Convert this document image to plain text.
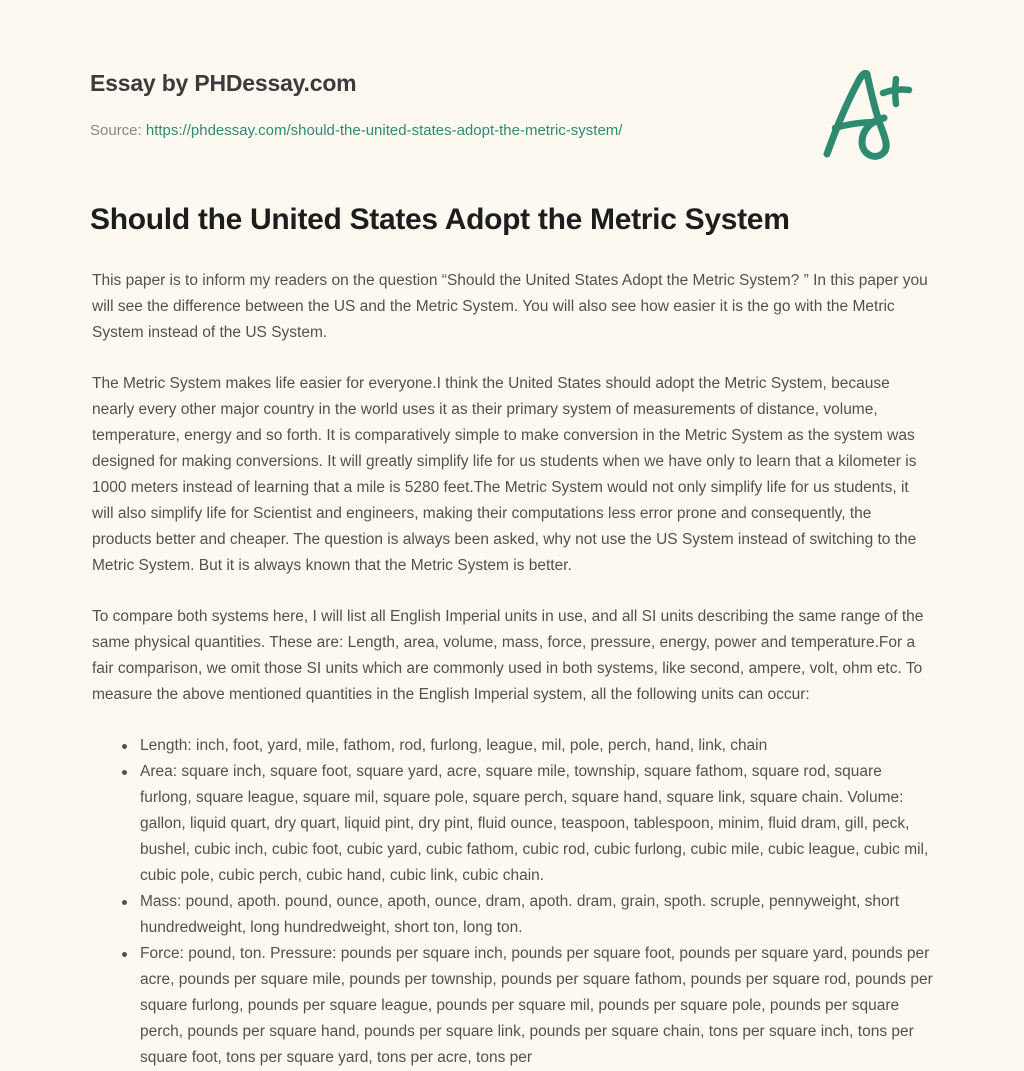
Essay by PHDessay.com
Source: https://phdessay.com/should-the-united-states-adopt-the-metric-system/
Should the United States Adopt the Metric System

This paper is to inform my readers on the question “Should the United States Adopt the Metric System? ” In this paper you will see the difference between the US and the Metric System. You will also see how easier it is the go with the Metric System instead of the US System.

The Metric System makes life easier for everyone.I think the United States should adopt the Metric System, because nearly every other major country in the world uses it as their primary system of measurements of distance, volume, temperature, energy and so forth. It is comparatively simple to make conversion in the Metric System as the system was designed for making conversions. It will greatly simplify life for us students when we have only to learn that a kilometer is 1000 meters instead of learning that a mile is 5280 feet.The Metric System would not only simplify life for us students, it will also simplify life for Scientist and engineers, making their computations less error prone and consequently, the products better and cheaper. The question is always been asked, why not use the US System instead of switching to the Metric System. But it is always known that the Metric System is better.

To compare both systems here, I will list all English Imperial units in use, and all SI units describing the same range of the same physical quantities. These are: Length, area, volume, mass, force, pressure, energy, power and temperature.For a fair comparison, we omit those SI units which are commonly used in both systems, like second, ampere, volt, ohm etc. To measure the above mentioned quantities in the English Imperial system, all the following units can occur:

Length: inch, foot, yard, mile, fathom, rod, furlong, league, mil, pole, perch, hand, link, chain
Area: square inch, square foot, square yard, acre, square mile, township, square fathom, square rod, square furlong, square league, square mil, square pole, square perch, square hand, square link, square chain. Volume: gallon, liquid quart, dry quart, liquid pint, dry pint, fluid ounce, teaspoon, tablespoon, minim, fluid dram, gill, peck, bushel, cubic inch, cubic foot, cubic yard, cubic fathom, cubic rod, cubic furlong, cubic mile, cubic league, cubic mil, cubic pole, cubic perch, cubic hand, cubic link, cubic chain.
Mass: pound, apoth. pound, ounce, apoth, ounce, dram, apoth. dram, grain, spoth. scruple, pennyweight, short hundredweight, long hundredweight, short ton, long ton.
Force: pound, ton. Pressure: pounds per square inch, pounds per square foot, pounds per square yard, pounds per acre, pounds per square mile, pounds per township, pounds per square fathom, pounds per square rod, pounds per square furlong, pounds per square league, pounds per square mil, pounds per square pole, pounds per square perch, pounds per square hand, pounds per square link, pounds per square chain, tons per square inch, tons per square foot, tons per square yard, tons per acre, tons per
